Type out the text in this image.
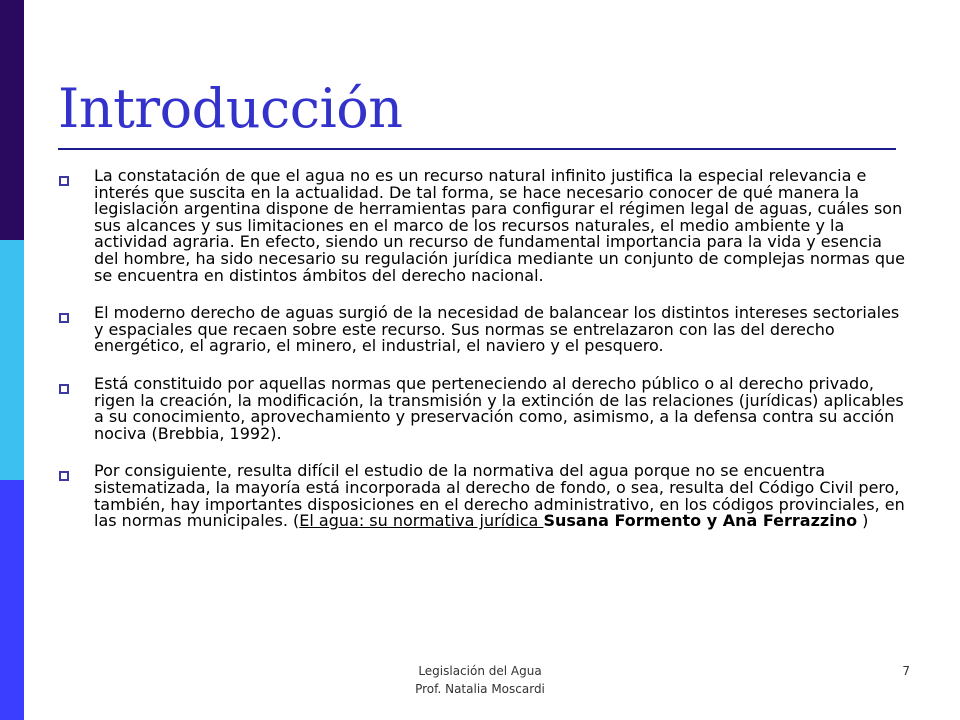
Introducción
La constatación de que el agua no es un recurso natural infinito justifica la especial relevancia e interés que suscita en la actualidad. De tal forma, se hace necesario conocer de qué manera la legislación argentina dispone de herramientas para configurar el régimen legal de aguas, cuáles son sus alcances y sus limitaciones en el marco de los recursos naturales, el medio ambiente y la actividad agraria. En efecto, siendo un recurso de fundamental importancia para la vida y esencia del hombre, ha sido necesario su regulación jurídica mediante un conjunto de complejas normas que se encuentra en distintos ámbitos del derecho nacional.
El moderno derecho de aguas surgió de la necesidad de balancear los distintos intereses sectoriales y espaciales que recaen sobre este recurso. Sus normas se entrelazaron con las del derecho energético, el agrario, el minero, el industrial, el naviero y el pesquero.
Está constituido por aquellas normas que perteneciendo al derecho público o al derecho privado, rigen la creación, la modificación, la transmisión y la extinción de las relaciones (jurídicas) aplicables a su conocimiento, aprovechamiento y preservación como, asimismo, a la defensa contra su acción nociva (Brebbia, 1992).
Por consiguiente, resulta difícil el estudio de la normativa del agua porque no se encuentra sistematizada, la mayoría está incorporada al derecho de fondo, o sea, resulta del Código Civil pero, también, hay importantes disposiciones en el derecho administrativo, en los códigos provinciales, en las normas municipales. (El agua: su normativa jurídica Susana Formento y Ana Ferrazzino )
Legislación del Agua
Prof. Natalia Moscardi
7
